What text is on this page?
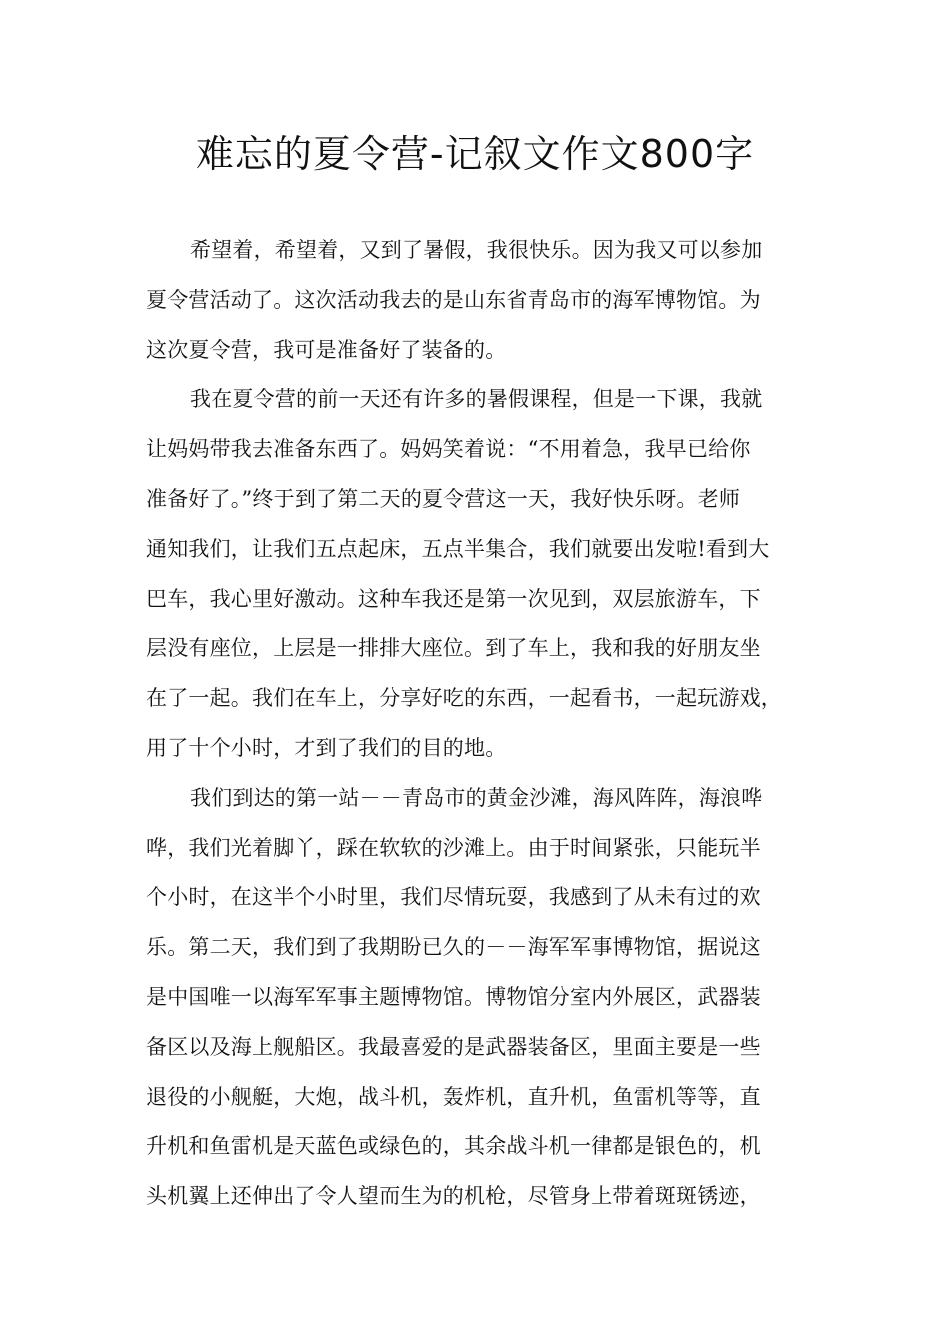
难忘的夏令营-记叙文作文800字
希望着，希望着，又到了暑假，我很快乐。因为我又可以参加
夏令营活动了。这次活动我去的是山东省青岛市的海军博物馆。为
这次夏令营，我可是准备好了装备的。
我在夏令营的前一天还有许多的暑假课程，但是一下课，我就
让妈妈带我去准备东西了。妈妈笑着说：“不用着急，我早已给你
准备好了。”终于到了第二天的夏令营这一天，我好快乐呀。老师
通知我们，让我们五点起床，五点半集合，我们就要出发啦!看到大
巴车，我心里好激动。这种车我还是第一次见到，双层旅游车，下
层没有座位，上层是一排排大座位。到了车上，我和我的好朋友坐
在了一起。我们在车上，分享好吃的东西，一起看书，一起玩游戏，
用了十个小时，才到了我们的目的地。
我们到达的第一站－－青岛市的黄金沙滩，海风阵阵，海浪哗
哗，我们光着脚丫，踩在软软的沙滩上。由于时间紧张，只能玩半
个小时，在这半个小时里，我们尽情玩耍，我感到了从未有过的欢
乐。第二天，我们到了我期盼已久的－－海军军事博物馆，据说这
是中国唯一以海军军事主题博物馆。博物馆分室内外展区，武器装
备区以及海上舰船区。我最喜爱的是武器装备区，里面主要是一些
退役的小舰艇，大炮，战斗机，轰炸机，直升机，鱼雷机等等，直
升机和鱼雷机是天蓝色或绿色的，其余战斗机一律都是银色的，机
头机翼上还伸出了令人望而生为的机枪，尽管身上带着斑斑锈迹，
